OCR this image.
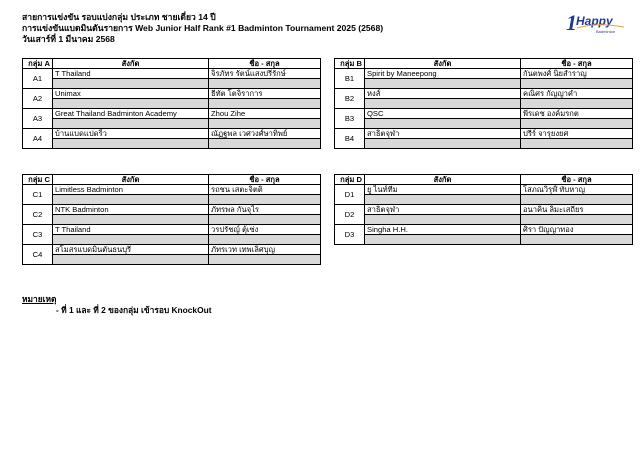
สายการแข่งขัน รอบแบ่งกลุ่ม ประเภท ชายเดี่ยว 14 ปี
การแข่งขันแบดมินตันรายการ Web Junior Half Rank #1 Badminton Tournament 2025 (2568)
วันเสาร์ที่ 1 มีนาคม 2568
1 Happy
Badminton
กลุ่ม A	สังกัด	ชื่อ - สกุล
A1	T Thailand	จิรภัทร รัตน์แสงปรีรักษ์

A2	Unimax	ธีทัต โตจิราการ

A3	Great Thailand Badminton Academy	Zhou Zihe

A4	บ้านแบดแปดริ้ว	ณัฏฐพล เวศวงศ์ษาทิพย์

กลุ่ม B	สังกัด	ชื่อ - สกุล
B1	Spirit by Maneepong	กันตพงศ์ นิยสำราญ

B2	หงส์	คณิศร กัญญาคำ

B3	QSC	พีรเดช องค์มรกต

B4	สาธิตจุฬา	ปรีร์ จารุยงยศ

กลุ่ม C	สังกัด	ชื่อ - สกุล
C1	Limitless Badminton	รถชน เสตะจิตติ

C2	NTK Badminton	ภัทรพล กันจุไร

C3	T Thailand	วรปรัชญ์ ตุ้เซ่ง

C4	สโมสรแบดมินตันธนบุรี	ภัทรเวท เทพเลิศบุญ

กลุ่ม D	สังกัด	ชื่อ - สกุล
D1	ยู ไนท์ทีม	โสภณวิรุฬ์ ทับหาญ

D2	สาธิตจุฬา	อนาคิน ลิมะเสถียร

D3	Singha H.H.	ศิรา ปัญญาทอง

หมายเหตุ
- ที่ 1 และ ที่ 2 ของกลุ่ม เข้ารอบ KnockOut
